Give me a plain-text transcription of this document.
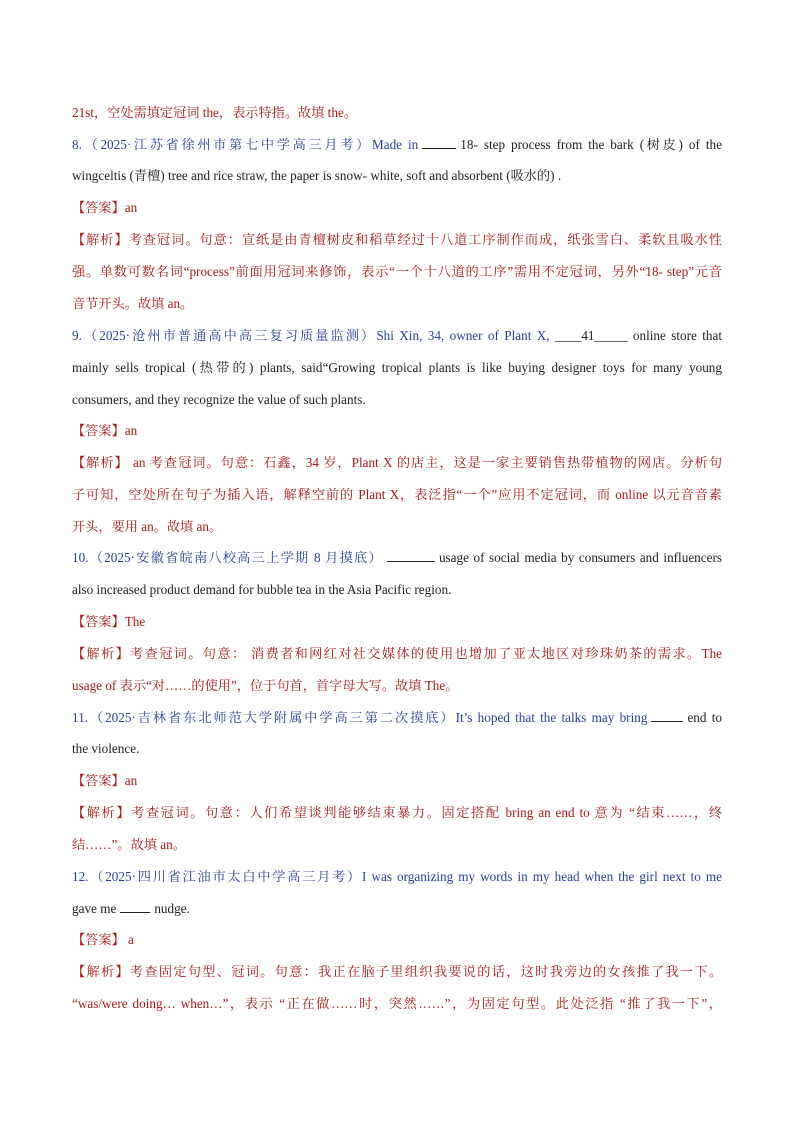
21st，空处需填定冠词 the，表示特指。故填 the。
8.（2025·江苏省徐州市第七中学高三月考）Made in	18- step process from the bark (树皮) of the
wingceltis (青檀) tree and rice straw, the paper is snow- white, soft and absorbent (吸水的) .
【答案】an
【解析】考查冠词。句意：宣纸是由青檀树皮和稻草经过十八道工序制作而成，纸张雪白、柔软且吸水性
强。单数可数名词“process”前面用冠词来修饰，表示“一个十八道的工序”需用不定冠词，另外“18- step”元音
音节开头。故填 an。
9.（2025·沧州市普通高中高三复习质量监测）Shi Xin, 34, owner of Plant X, ____41_____ online store that
mainly sells tropical (热带的) plants, said“Growing tropical plants is like buying designer toys for many young
consumers, and they recognize the value of such plants.
【答案】an
【解析】 an 考查冠词。句意：石鑫，34 岁，Plant X 的店主，这是一家主要销售热带植物的网店。分析句
子可知，空处所在句子为插入语，解释空前的 Plant X，表泛指“一个”应用不定冠词，而 online 以元音音素
开头，要用 an。故填 an。
10.（2025·安徽省皖南八校高三上学期 8 月摸底）	usage of social media by consumers and influencers
also increased product demand for bubble tea in the Asia Pacific region.
【答案】The
【解析】考查冠词。句意： 消费者和网红对社交媒体的使用也增加了亚太地区对珍珠奶茶的需求。The
usage of 表示“对……的使用”，位于句首，首字母大写。故填 The。
11.（2025·吉林省东北师范大学附属中学高三第二次摸底）It’s hoped that the talks may bring	end to
the violence.
【答案】an
【解析】考查冠词。句意：人们希望谈判能够结束暴力。固定搭配 bring an end to 意为 “结束……，终
结……”。故填 an。
12.（2025·四川省江油市太白中学高三月考）I was organizing my words in my head when the girl next to me
gave me	nudge.
【答案】 a
【解析】考查固定句型、冠词。句意：我正在脑子里组织我要说的话，这时我旁边的女孩推了我一下。
“was/were doing… when…”，表示 “正在做……时，突然……”，为固定句型。此处泛指 “推了我一下”，
